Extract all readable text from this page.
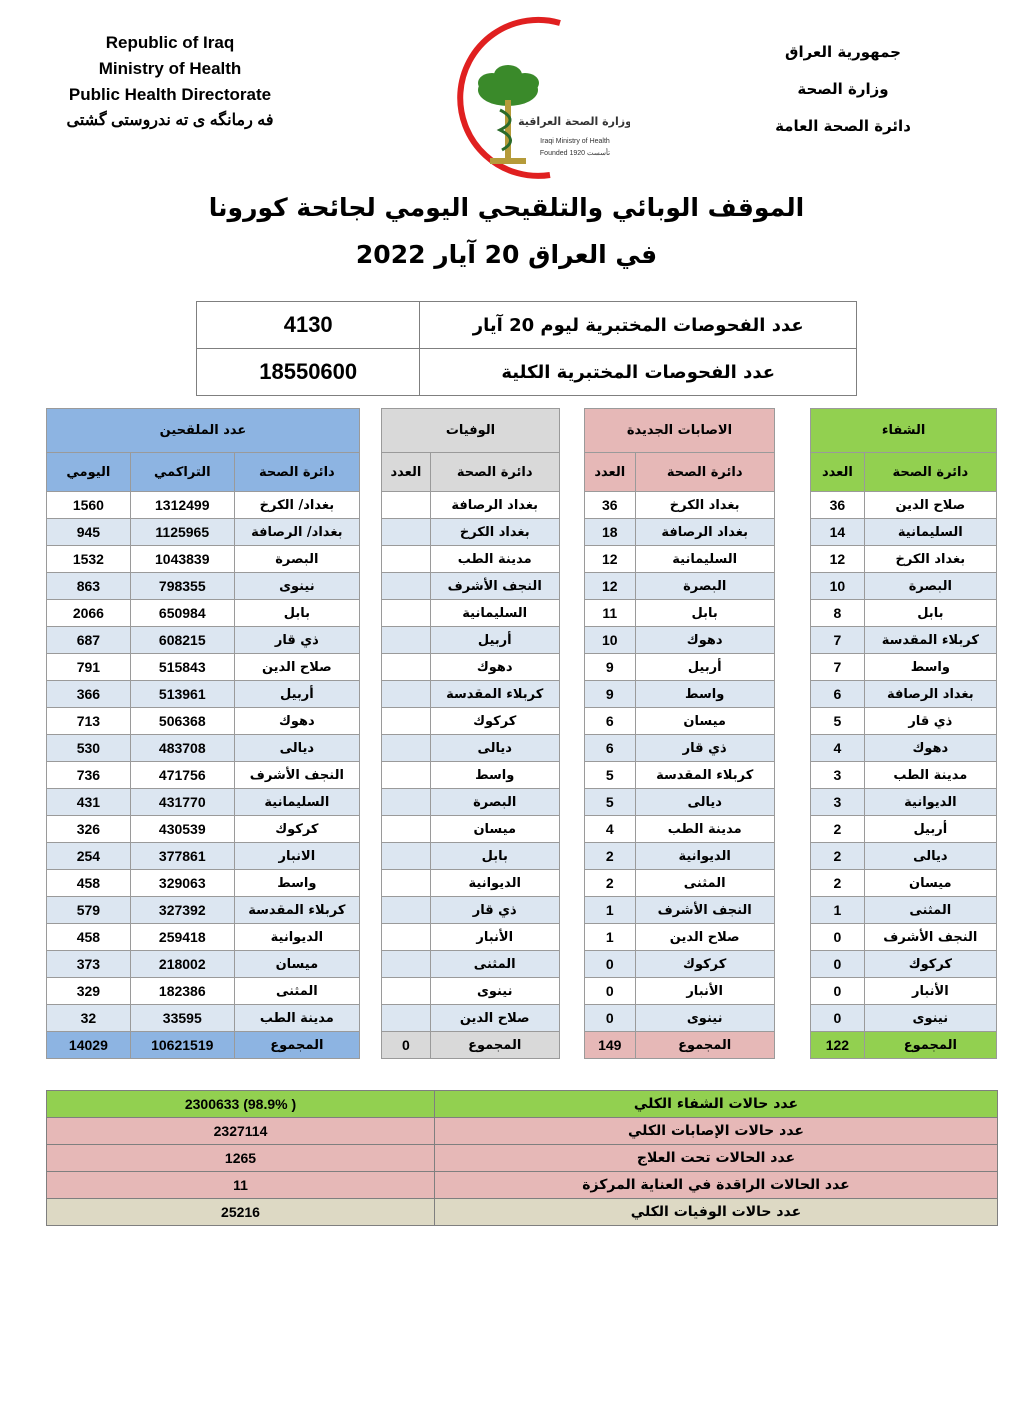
Republic of Iraq
Ministry of Health
Public Health Directorate
فه رمانگه ی ته ندروستی گشتی	وزارة الصحة العراقية
Iraqi Ministry of Health
Founded 1920 تأسست
جمهورية العراق
وزارة الصحة
دائرة الصحة العامة
الموقف الوبائي والتلقيحي اليومي لجائحة كورونا
في العراق 20 آيار 2022
4130	عدد الفحوصات المختبرية ليوم 20 آيار
18550600	عدد الفحوصات المختبرية الكلية
عدد الملقحين				الوفيات			الاصابات الجديدة			الشفاء	
اليومي	التراكمي	دائرة الصحة		العدد	دائرة الصحة		العدد	دائرة الصحة		العدد	دائرة الصحة
1560	1312499	بغداد/ الكرخ			بغداد الرصافة		36	بغداد الكرخ		36	صلاح الدين
945	1125965	بغداد/ الرصافة			بغداد الكرخ		18	بغداد الرصافة		14	السليمانية
1532	1043839	البصرة			مدينة الطب		12	السليمانية		12	بغداد الكرخ
863	798355	نينوى			النجف الأشرف		12	البصرة		10	البصرة
2066	650984	بابل			السليمانية		11	بابل		8	بابل
687	608215	ذي قار			أربيل		10	دهوك		7	كربلاء المقدسة
791	515843	صلاح الدين			دهوك		9	أربيل		7	واسط
366	513961	أربيل			كربلاء المقدسة		9	واسط		6	بغداد الرصافة
713	506368	دهوك			كركوك		6	ميسان		5	ذي قار
530	483708	ديالى			ديالى		6	ذي قار		4	دهوك
736	471756	النجف الأشرف			واسط		5	كربلاء المقدسة		3	مدينة الطب
431	431770	السليمانية			البصرة		5	ديالى		3	الديوانية
326	430539	كركوك			ميسان		4	مدينة الطب		2	أربيل
254	377861	الانبار			بابل		2	الديوانية		2	ديالى
458	329063	واسط			الديوانية		2	المثنى		2	ميسان
579	327392	كربلاء المقدسة			ذي قار		1	النجف الأشرف		1	المثنى
458	259418	الديوانية			الأنبار		1	صلاح الدين		0	النجف الأشرف
373	218002	ميسان			المثنى		0	كركوك		0	كركوك
329	182386	المثنى			نينوى		0	الأنبار		0	الأنبار
32	33595	مدينة الطب			صلاح الدين		0	نينوى		0	نينوى
14029	10621519	المجموع		0	المجموع		149	المجموع		122	المجموع
2300633 (98.9% )	عدد حالات الشفاء الكلي
2327114	عدد حالات الإصابات الكلي
1265	عدد الحالات تحت العلاج
11	عدد الحالات الراقدة في العناية المركزة
25216	عدد حالات الوفيات الكلي
